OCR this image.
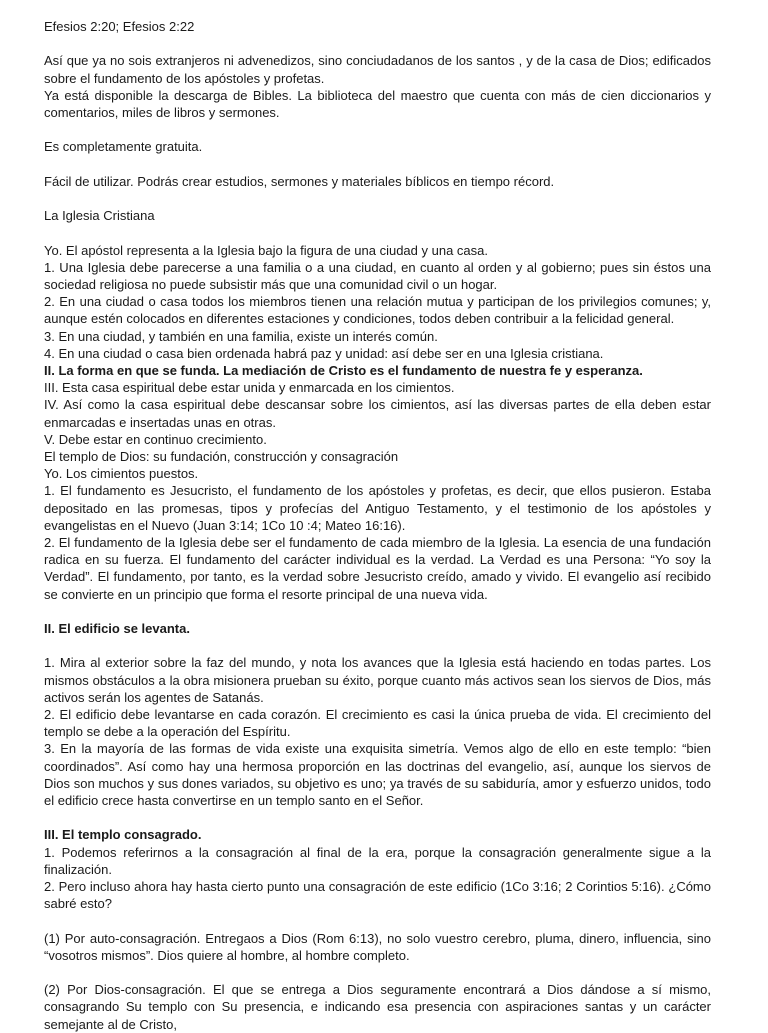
Efesios 2:20; Efesios 2:22

Así que ya no sois extranjeros ni advenedizos, sino conciudadanos de los santos , y de la casa de Dios; edificados sobre el fundamento de los apóstoles y profetas.

Ya está disponible la descarga de Bibles. La biblioteca del maestro que cuenta con más de cien diccionarios y comentarios, miles de libros y sermones.

Es completamente gratuita.

Fácil de utilizar. Podrás crear estudios, sermones y materiales bíblicos en tiempo récord.

La Iglesia Cristiana

Yo. El apóstol representa a la Iglesia bajo la figura de una ciudad y una casa.

1. Una Iglesia debe parecerse a una familia o a una ciudad, en cuanto al orden y al gobierno; pues sin éstos una sociedad religiosa no puede subsistir más que una comunidad civil o un hogar.

2. En una ciudad o casa todos los miembros tienen una relación mutua y participan de los privilegios comunes; y, aunque estén colocados en diferentes estaciones y condiciones, todos deben contribuir a la felicidad general.

3. En una ciudad, y también en una familia, existe un interés común.

4. En una ciudad o casa bien ordenada habrá paz y unidad: así debe ser en una Iglesia cristiana.

II. La forma en que se funda. La mediación de Cristo es el fundamento de nuestra fe y esperanza.

III. Esta casa espiritual debe estar unida y enmarcada en los cimientos.

IV. Así como la casa espiritual debe descansar sobre los cimientos, así las diversas partes de ella deben estar enmarcadas e insertadas unas en otras.

V. Debe estar en continuo crecimiento.

El templo de Dios: su fundación, construcción y consagración

Yo. Los cimientos puestos.

1. El fundamento es Jesucristo, el fundamento de los apóstoles y profetas, es decir, que ellos pusieron. Estaba depositado en las promesas, tipos y profecías del Antiguo Testamento, y el testimonio de los apóstoles y evangelistas en el Nuevo (Juan 3:14; 1Co 10 :4; Mateo 16:16).

2. El fundamento de la Iglesia debe ser el fundamento de cada miembro de la Iglesia. La esencia de una fundación radica en su fuerza. El fundamento del carácter individual es la verdad. La Verdad es una Persona: “Yo soy la Verdad”. El fundamento, por tanto, es la verdad sobre Jesucristo creído, amado y vivido. El evangelio así recibido se convierte en un principio que forma el resorte principal de una nueva vida.

II. El edificio se levanta.

1. Mira al exterior sobre la faz del mundo, y nota los avances que la Iglesia está haciendo en todas partes. Los mismos obstáculos a la obra misionera prueban su éxito, porque cuanto más activos sean los siervos de Dios, más activos serán los agentes de Satanás.

2. El edificio debe levantarse en cada corazón. El crecimiento es casi la única prueba de vida. El crecimiento del templo se debe a la operación del Espíritu.

3. En la mayoría de las formas de vida existe una exquisita simetría. Vemos algo de ello en este templo: “bien coordinados”. Así como hay una hermosa proporción en las doctrinas del evangelio, así, aunque los siervos de Dios son muchos y sus dones variados, su objetivo es uno; ya través de su sabiduría, amor y esfuerzo unidos, todo el edificio crece hasta convertirse en un templo santo en el Señor.

III. El templo consagrado.

1. Podemos referirnos a la consagración al final de la era, porque la consagración generalmente sigue a la finalización.

2. Pero incluso ahora hay hasta cierto punto una consagración de este edificio (1Co 3:16; 2 Corintios 5:16). ¿Cómo sabré esto?

(1) Por auto-consagración. Entregaos a Dios (Rom 6:13), no solo vuestro cerebro, pluma, dinero, influencia, sino “vosotros mismos”. Dios quiere al hombre, al hombre completo.

(2) Por Dios-consagración. El que se entrega a Dios seguramente encontrará a Dios dándose a sí mismo, consagrando Su templo con Su presencia, e indicando esa presencia con aspiraciones santas y un carácter semejante al de Cristo,
